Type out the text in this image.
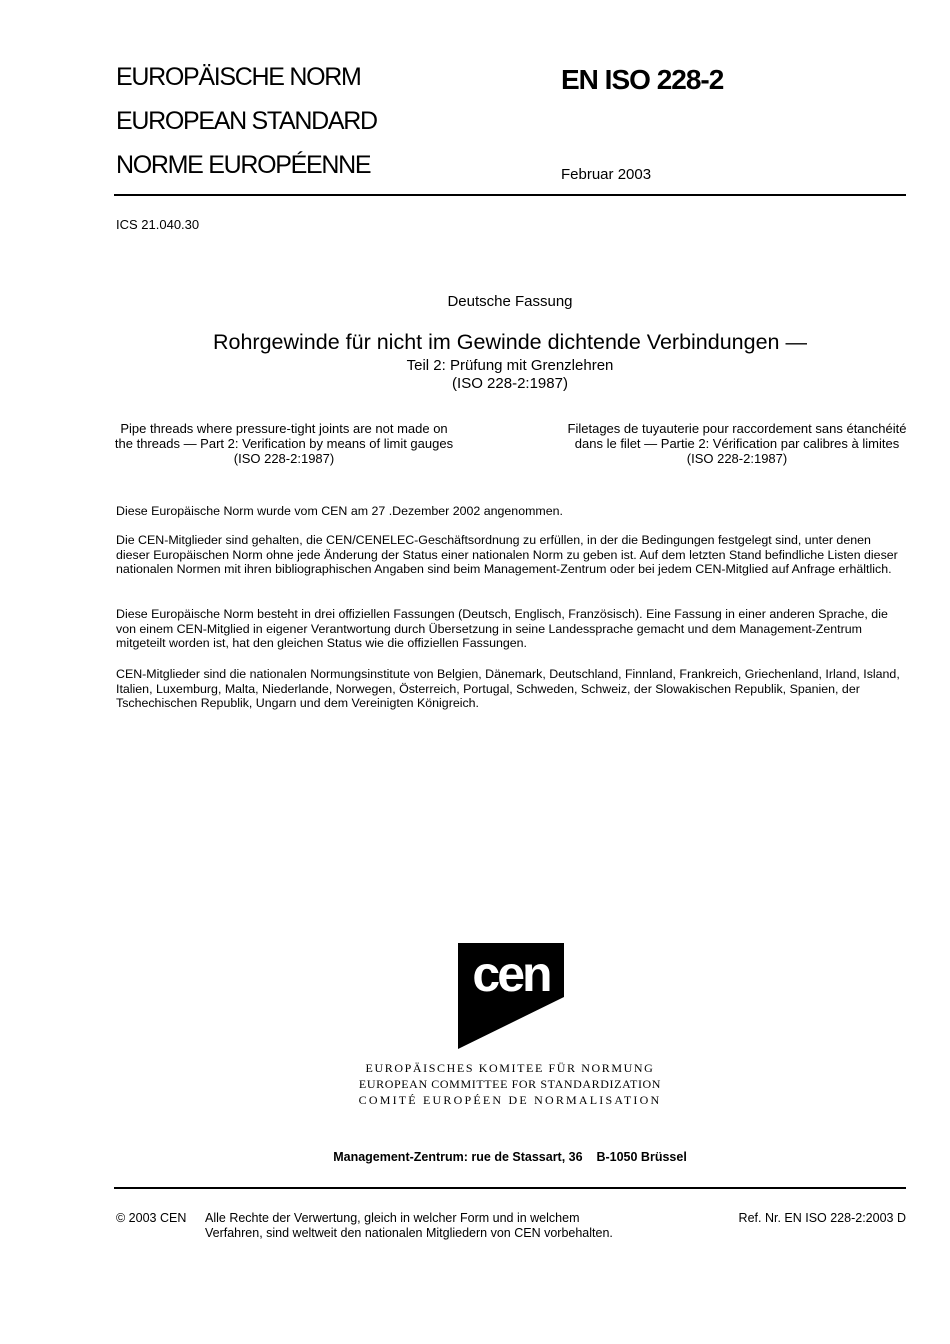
EUROPÄISCHE NORM
EUROPEAN STANDARD
NORME EUROPÉENNE
EN ISO 228-2
Februar 2003
ICS 21.040.30
Deutsche Fassung
Rohrgewinde für nicht im Gewinde dichtende Verbindungen —
Teil 2: Prüfung mit Grenzlehren
(ISO 228-2:1987)
Pipe threads where pressure-tight joints are not made on
the threads — Part 2: Verification by means of limit gauges
(ISO 228-2:1987)
Filetages de tuyauterie pour raccordement sans étanchéité
dans le filet — Partie 2: Vérification par calibres à limites
(ISO 228-2:1987)
Diese Europäische Norm wurde vom CEN am 27 .Dezember 2002 angenommen.
Die CEN-Mitglieder sind gehalten, die CEN/CENELEC-Geschäftsordnung zu erfüllen, in der die Bedingungen festgelegt sind, unter denen dieser Europäischen Norm ohne jede Änderung der Status einer nationalen Norm zu geben ist. Auf dem letzten Stand befindliche Listen dieser nationalen Normen mit ihren bibliographischen Angaben sind beim Management-Zentrum oder bei jedem CEN-Mitglied auf Anfrage erhältlich.
Diese Europäische Norm besteht in drei offiziellen Fassungen (Deutsch, Englisch, Französisch). Eine Fassung in einer anderen Sprache, die von einem CEN-Mitglied in eigener Verantwortung durch Übersetzung in seine Landessprache gemacht und dem Management-Zentrum mitgeteilt worden ist, hat den gleichen Status wie die offiziellen Fassungen.
CEN-Mitglieder sind die nationalen Normungsinstitute von Belgien, Dänemark, Deutschland, Finnland, Frankreich, Griechenland, Irland, Island, Italien, Luxemburg, Malta, Niederlande, Norwegen, Österreich, Portugal, Schweden, Schweiz, der Slowakischen Republik, Spanien, der Tschechischen Republik, Ungarn und dem Vereinigten Königreich.
cen
EUROPÄISCHES KOMITEE FÜR NORMUNG
EUROPEAN COMMITTEE FOR STANDARDIZATION
COMITÉ EUROPÉEN DE NORMALISATION
Management-Zentrum: rue de Stassart, 36    B-1050 Brüssel
© 2003 CEN Alle Rechte der Verwertung, gleich in welcher Form und in welchem
Verfahren, sind weltweit den nationalen Mitgliedern von CEN vorbehalten.
Ref. Nr. EN ISO 228-2:2003 D
